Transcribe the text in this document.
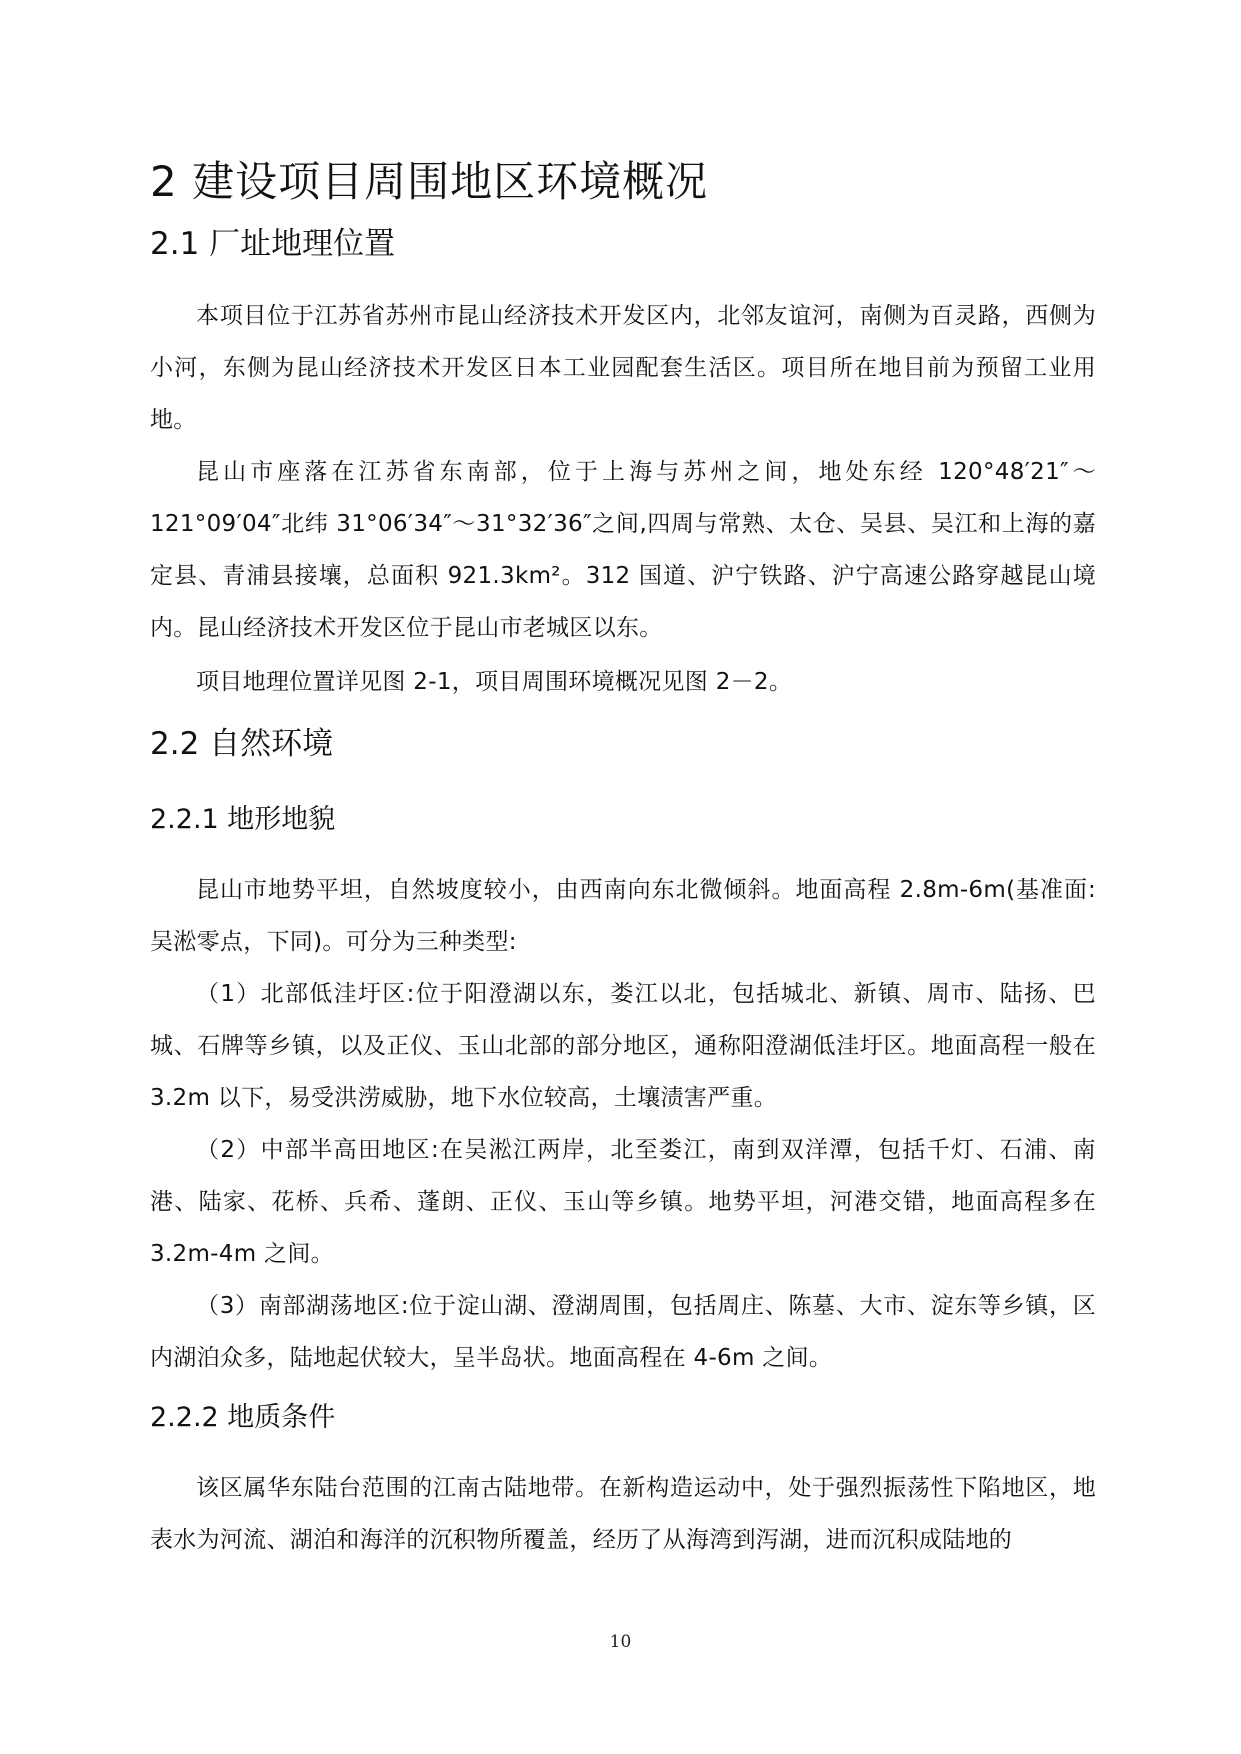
2 建设项目周围地区环境概况
2.1 厂址地理位置

本项目位于江苏省苏州市昆山经济技术开发区内，北邻友谊河，南侧为百灵路，西侧为小河，东侧为昆山经济技术开发区日本工业园配套生活区。项目所在地目前为预留工业用地。

昆山市座落在江苏省东南部，位于上海与苏州之间，地处东经 120°48′21″～121°09′04″北纬 31°06′34″～31°32′36″之间,四周与常熟、太仓、吴县、吴江和上海的嘉定县、青浦县接壤，总面积 921.3km²。312 国道、沪宁铁路、沪宁高速公路穿越昆山境内。昆山经济技术开发区位于昆山市老城区以东。

项目地理位置详见图 2-1，项目周围环境概况见图 2－2。

2.2 自然环境
2.2.1 地形地貌

昆山市地势平坦，自然坡度较小，由西南向东北微倾斜。地面高程 2.8m-6m(基准面:吴淞零点，下同)。可分为三种类型:

（1）北部低洼圩区:位于阳澄湖以东，娄江以北，包括城北、新镇、周市、陆扬、巴城、石牌等乡镇，以及正仪、玉山北部的部分地区，通称阳澄湖低洼圩区。地面高程一般在 3.2m 以下，易受洪涝威胁，地下水位较高，土壤渍害严重。

（2）中部半高田地区:在吴淞江两岸，北至娄江，南到双洋潭，包括千灯、石浦、南港、陆家、花桥、兵希、蓬朗、正仪、玉山等乡镇。地势平坦，河港交错，地面高程多在 3.2m-4m 之间。

（3）南部湖荡地区:位于淀山湖、澄湖周围，包括周庄、陈墓、大市、淀东等乡镇，区内湖泊众多，陆地起伏较大，呈半岛状。地面高程在 4-6m 之间。

2.2.2 地质条件

该区属华东陆台范围的江南古陆地带。在新构造运动中，处于强烈振荡性下陷地区，地表水为河流、湖泊和海洋的沉积物所覆盖，经历了从海湾到泻湖，进而沉积成陆地的

10
